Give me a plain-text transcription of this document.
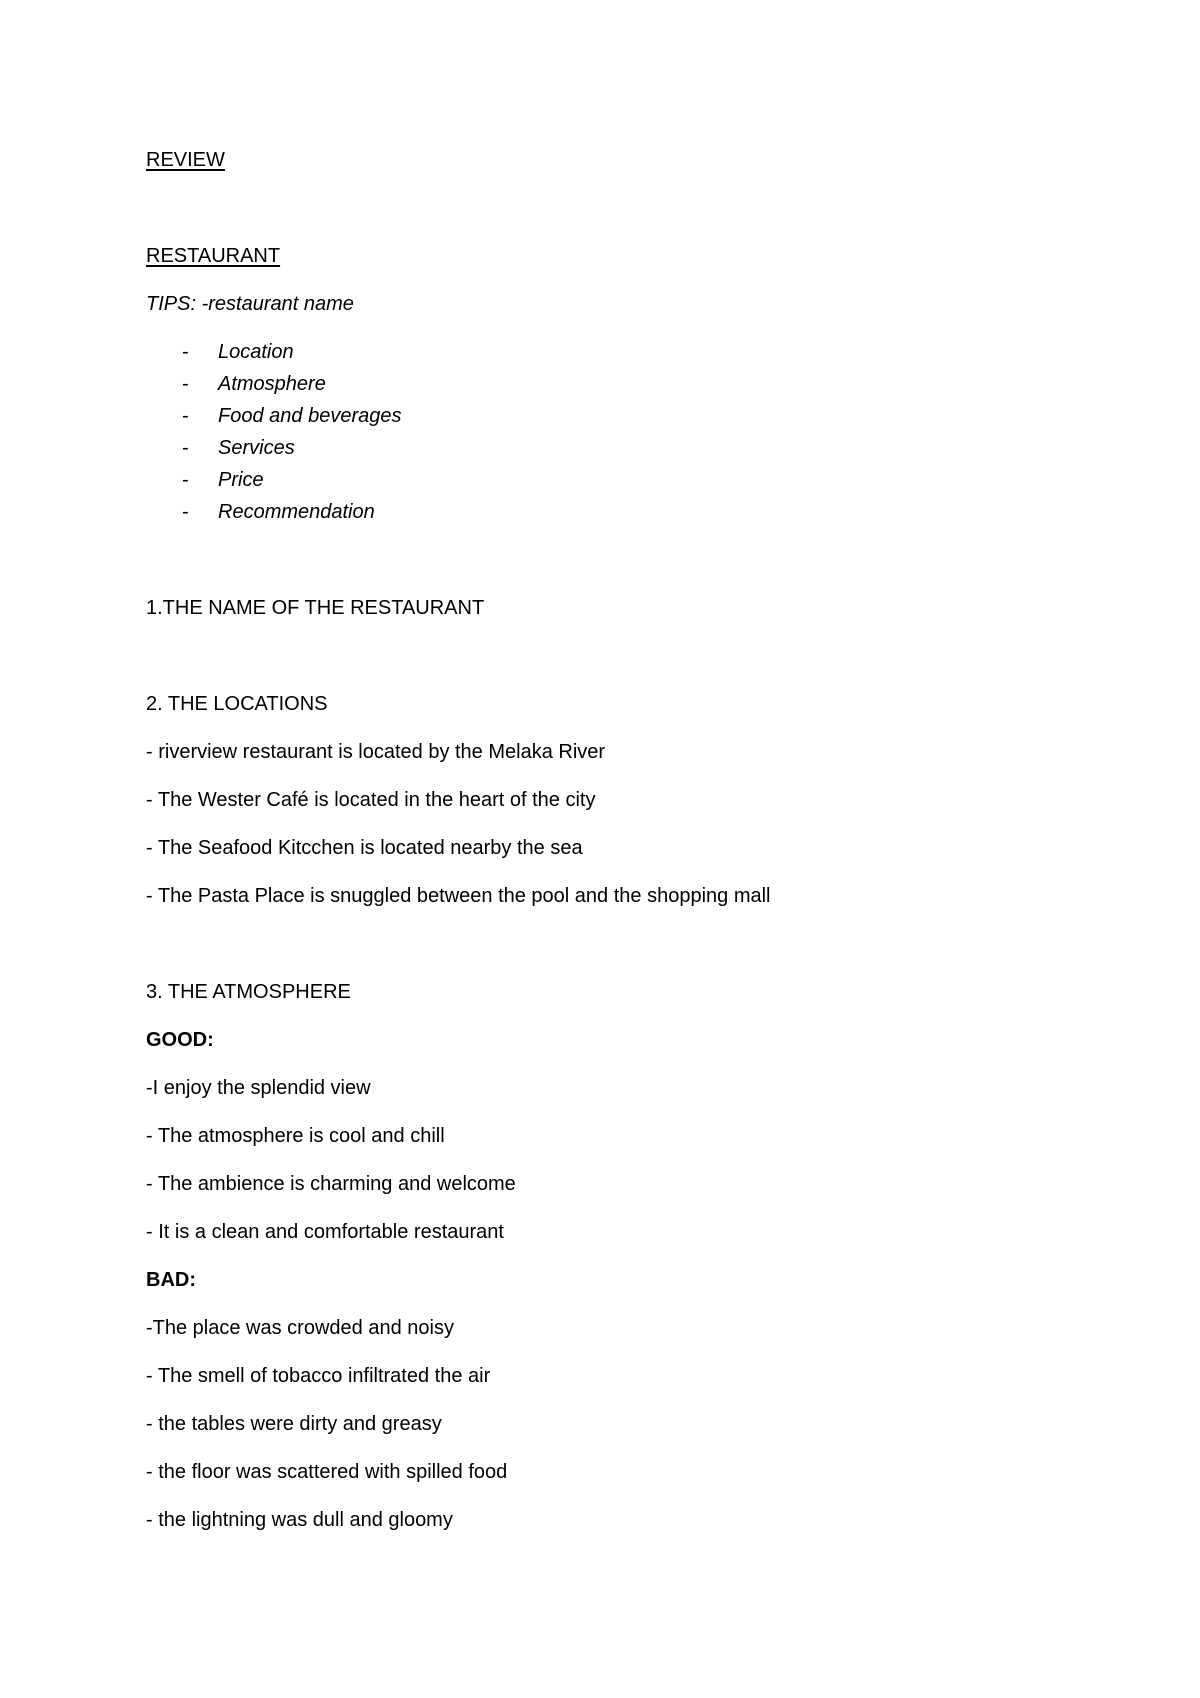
REVIEW
RESTAURANT
TIPS: -restaurant name
- Location
- Atmosphere
- Food and beverages
- Services
- Price
- Recommendation
1.THE NAME OF THE RESTAURANT
2. THE LOCATIONS
- riverview restaurant is located by the Melaka River
- The Wester Café is located in the heart of the city
- The Seafood Kitcchen is located nearby the sea
- The Pasta Place is snuggled between the pool and the shopping mall
3. THE ATMOSPHERE
GOOD:
-I enjoy the splendid view
- The atmosphere is cool and chill
- The ambience is charming and welcome
- It is a clean and comfortable restaurant
BAD:
-The place was crowded and noisy
- The smell of tobacco infiltrated the air
- the tables were dirty and greasy
- the floor was scattered with spilled food
- the lightning was dull and gloomy
